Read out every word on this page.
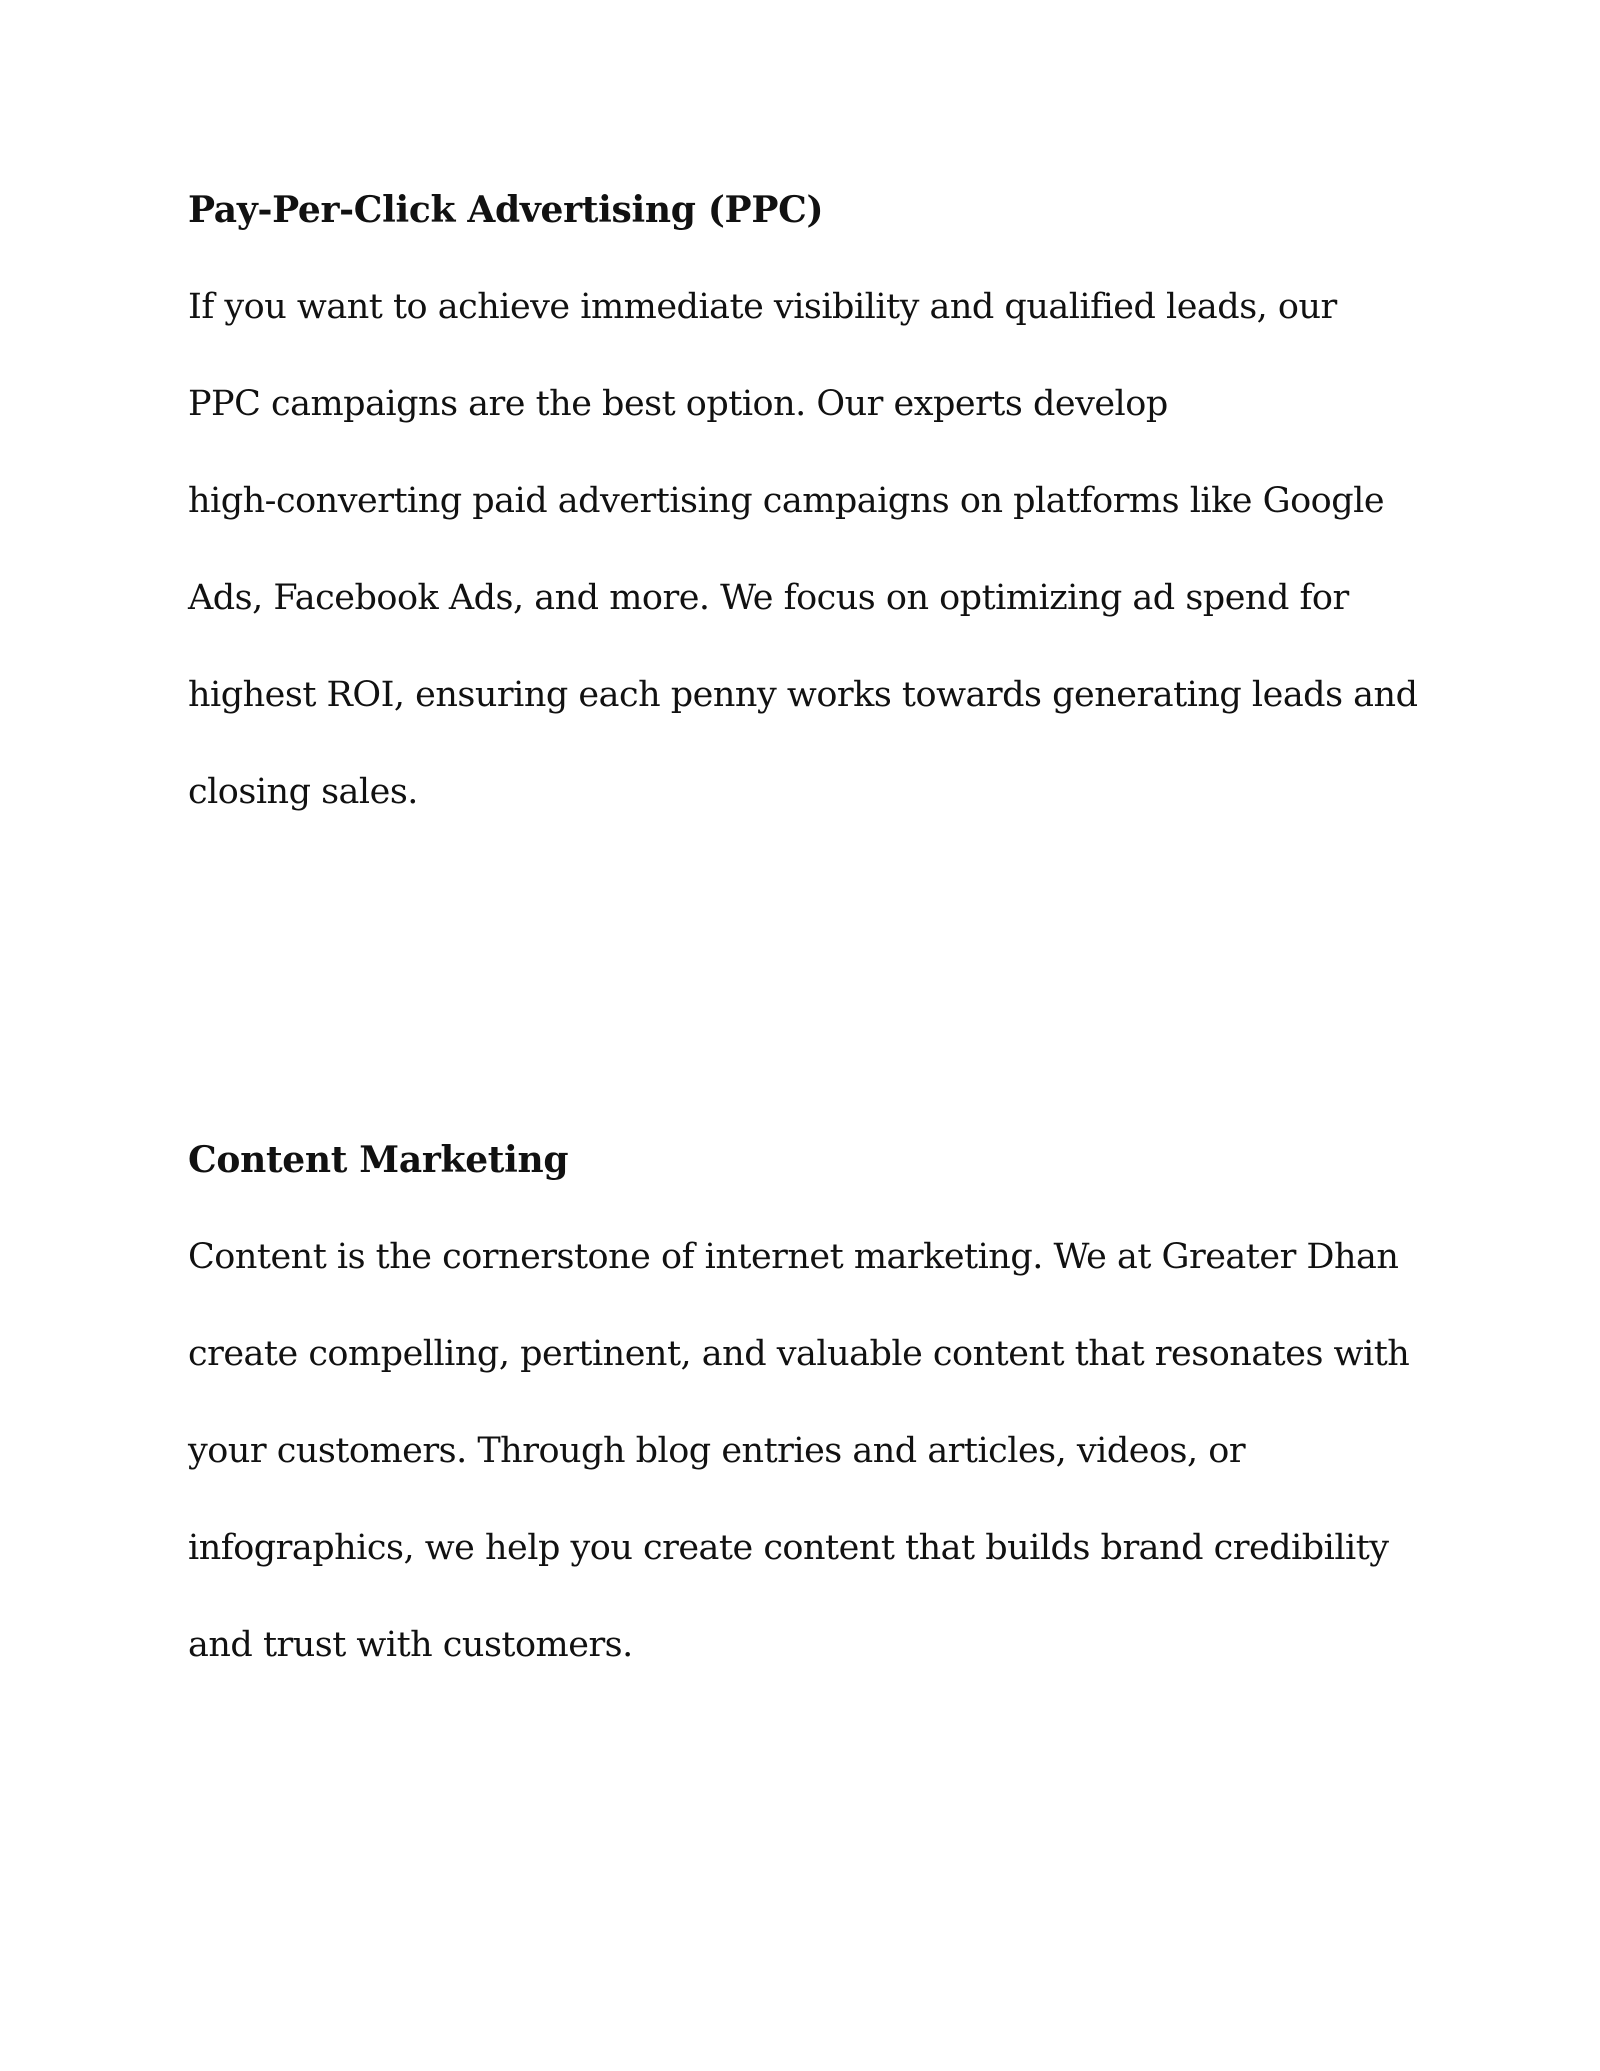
Pay-Per-Click Advertising (PPC)

If you want to achieve immediate visibility and qualified leads, our

PPC campaigns are the best option. Our experts develop

high-converting paid advertising campaigns on platforms like Google

Ads, Facebook Ads, and more. We focus on optimizing ad spend for

highest ROI, ensuring each penny works towards generating leads and

closing sales.

Content Marketing

Content is the cornerstone of internet marketing. We at Greater Dhan

create compelling, pertinent, and valuable content that resonates with

your customers. Through blog entries and articles, videos, or

infographics, we help you create content that builds brand credibility

and trust with customers.
